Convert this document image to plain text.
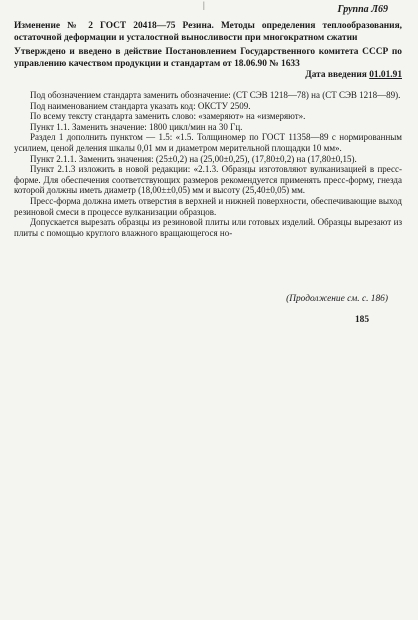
|	Группа Л69
Изменение № 2 ГОСТ 20418—75 Резина. Методы определения теплообразования, остаточной деформации и усталостной выносливости при многократном сжатии
Утверждено и введено в действие Постановлением Государственного комитета СССР по управлению качеством продукции и стандартам от 18.06.90 № 1633
Дата введения 01.01.91

Под обозначением стандарта заменить обозначение: (СТ СЭВ 1218—78) на (СТ СЭВ 1218—89).

Под наименованием стандарта указать код: ОКСТУ 2509.

По всему тексту стандарта заменить слово: «замеряют» на «измеряют».

Пункт 1.1. Заменить значение: 1800 цикл/мин на 30 Гц.

Раздел 1 дополнить пунктом — 1.5: «1.5. Толщиномер по ГОСТ 11358—89 с нормированным усилием, ценой деления шкалы 0,01 мм и диаметром мерительной площадки 10 мм».

Пункт 2.1.1. Заменить значения: (25±0,2) на (25,00±0,25), (17,80±0,2) на (17,80±0,15).

Пункт 2.1.3 изложить в новой редакции: «2.1.3. Образцы изготовляют вулканизацией в пресс-форме. Для обеспечения соответствующих размеров рекомендуется применять пресс-форму, гнезда которой должны иметь диаметр (18,00±±0,05) мм и высоту (25,40±0,05) мм.

Пресс-форма должна иметь отверстия в верхней и нижней поверхности, обеспечивающие выход резиновой смеси в процессе вулканизации образцов.

Допускается вырезать образцы из резиновой плиты или готовых изделий. Образцы вырезают из плиты с помощью круглого влажного вращающегося но-

(Продолжение см. с. 186)
185
